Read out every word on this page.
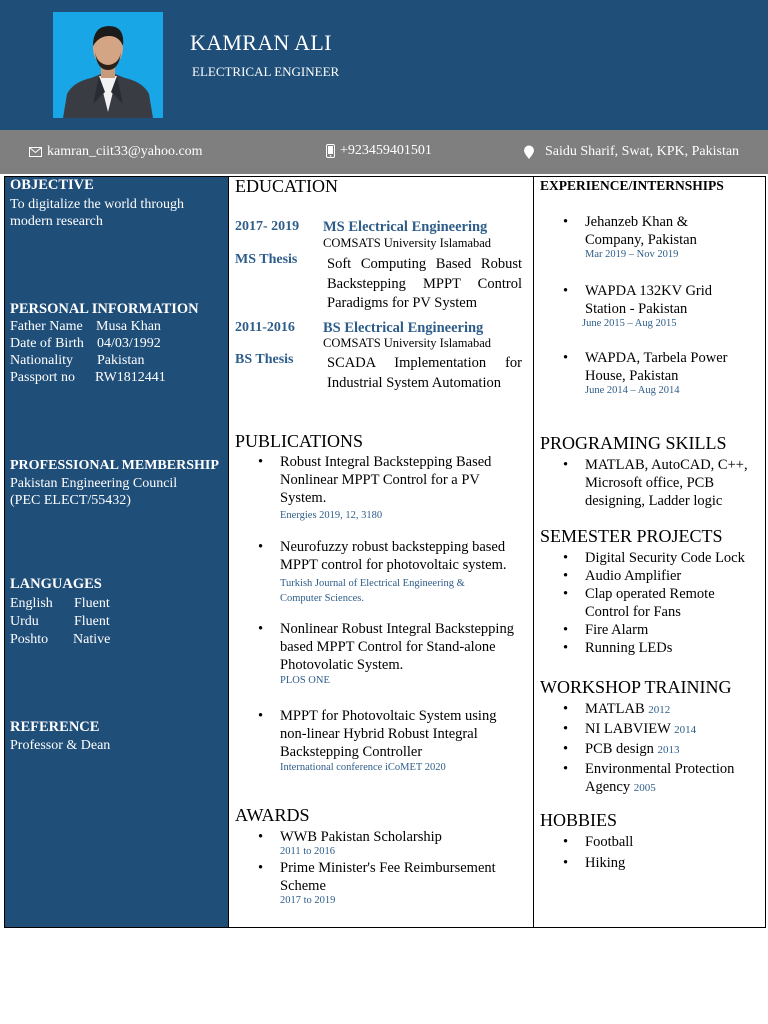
KAMRAN ALI
ELECTRICAL ENGINEER
kamran_ciit33@yahoo.com	+923459401501	Saidu Sharif, Swat, KPK, Pakistan
OBJECTIVE
To digitalize the world through
modern research
PERSONAL INFORMATION
Father Name Musa Khan
Date of Birth 04/03/1992
Nationality Pakistan
Passport no RW1812441
PROFESSIONAL MEMBERSHIP
Pakistan Engineering Council
(PEC ELECT/55432)
LANGUAGES
English Fluent
Urdu	Fluent
Poshto Native
REFERENCE
Professor & Dean
EDUCATION
2017- 2019 MS Electrical Engineering
COMSATS University Islamabad
MS Thesis Soft Computing Based Robust Backstepping MPPT Control Paradigms for PV System
2011-2016 BS Electrical Engineering
COMSATS University Islamabad
BS Thesis SCADA Implementation for Industrial System Automation
PUBLICATIONS
• Robust Integral Backstepping Based
Nonlinear MPPT Control for a PV
System.
Energies 2019, 12, 3180
• Neurofuzzy robust backstepping based
MPPT control for photovoltaic system.
Turkish Journal of Electrical Engineering &
Computer Sciences.
• Nonlinear Robust Integral Backstepping
based MPPT Control for Stand-alone
Photovolatic System.
PLOS ONE
• MPPT for Photovoltaic System using
non-linear Hybrid Robust Integral
Backstepping Controller
International conference iCoMET 2020
AWARDS
• WWB Pakistan Scholarship
2011 to 2016
• Prime Minister's Fee Reimbursement
Scheme
2017 to 2019
EXPERIENCE/INTERNSHIPS
• Jehanzeb Khan &
Company, Pakistan
Mar 2019 – Nov 2019
• WAPDA 132KV Grid
Station - Pakistan
June 2015 – Aug 2015
• WAPDA, Tarbela Power
House, Pakistan
June 2014 – Aug 2014
PROGRAMING SKILLS
• MATLAB, AutoCAD, C++,
Microsoft office, PCB
designing, Ladder logic
SEMESTER PROJECTS
• Digital Security Code Lock
• Audio Amplifier
• Clap operated Remote
Control for Fans
• Fire Alarm
• Running LEDs
WORKSHOP TRAINING
• MATLAB 2012
• NI LABVIEW 2014
• PCB design 2013
• Environmental Protection
Agency 2005
HOBBIES
• Football
• Hiking
